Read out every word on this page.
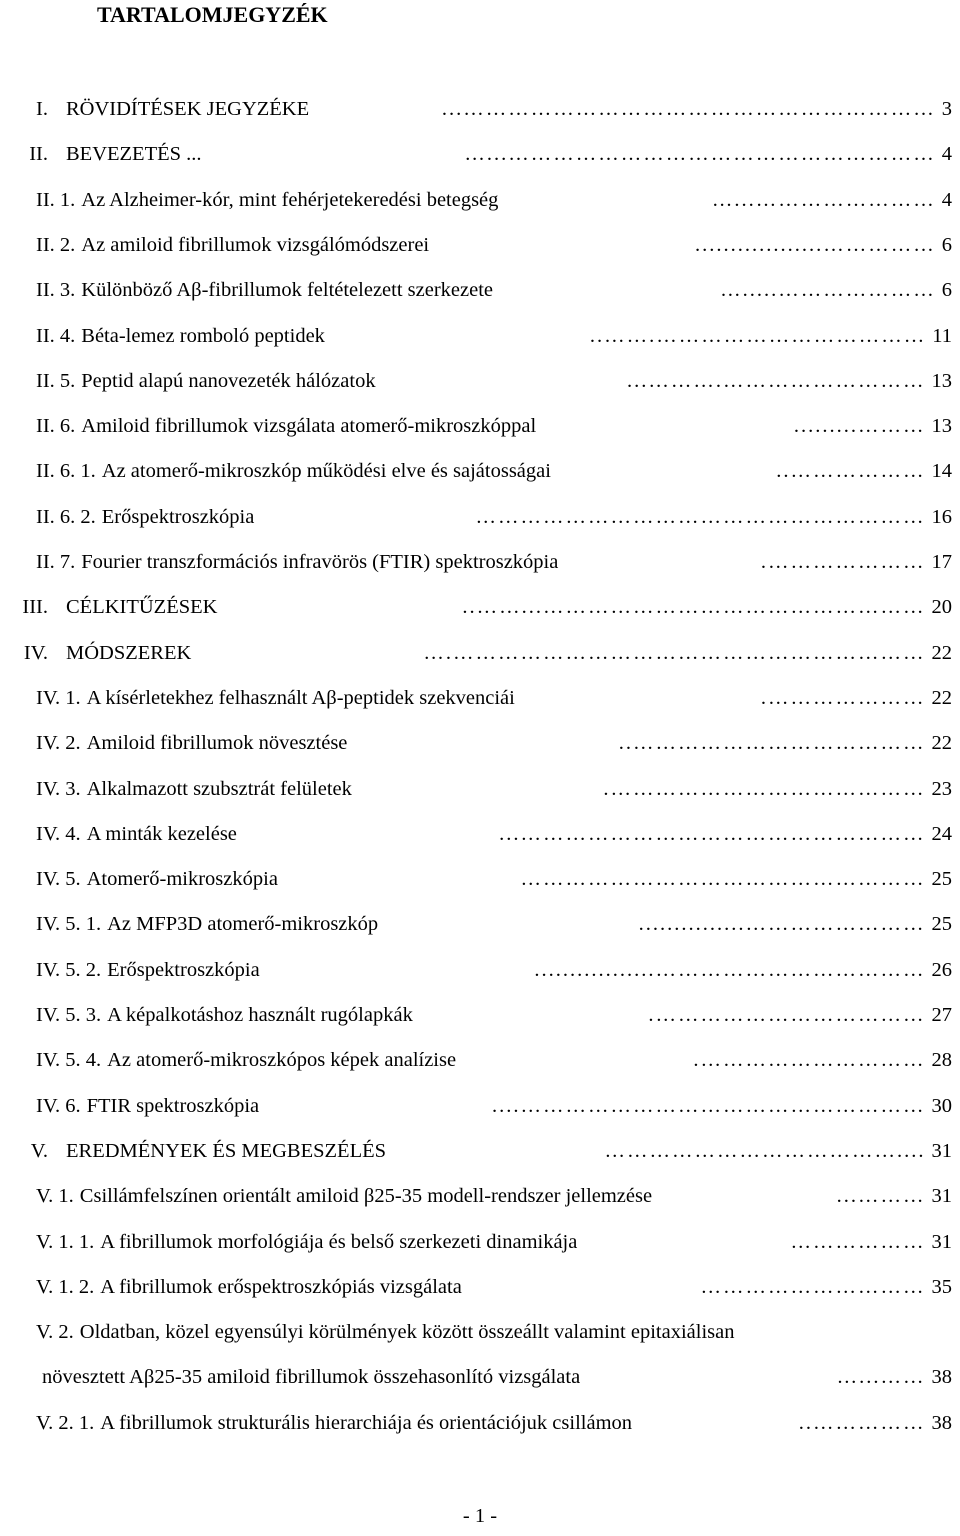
TARTALOMJEGYZÉK
I. RÖVIDÍTÉSEK JEGYZÉKE	………………………………………………………... 3
II. BEVEZETÉS ...	…………………………………………………...… 4
II. 1. Az Alzheimer-kór, mint fehérjetekeredési betegség	……………………...… 4
II. 2. Az amiloid fibrillumok vizsgálómódszerei	…………….................. 6
II. 3. Különböző Aβ-fibrillumok feltételezett szerkezete	………………….....… 6
II. 4. Béta-lemez romboló peptidek	……………………………….…….. 11
II. 5. Peptid alapú nanovezeték hálózatok	……………………….………... 13
II. 6. Amiloid fibrillumok vizsgálata atomerő-mikroszkóppal	………......... 13
II. 6. 1. Az atomerő-mikroszkóp működési elve és sajátosságai	……………….. 14
II. 6. 2. Erőspektroszkópia	…………………………………………………… 16
II. 7. Fourier transzformációs infravörös (FTIR) spektroszkópia	…………………. 17
III. CÉLKITŰZÉSEK	……………………………………………...…….. 20
IV. MÓDSZEREK	……………………………………………………….… 22
IV. 1. A kísérletekhez felhasznált Aβ-peptidek szekvenciái	…………………. 22
IV. 2. Amiloid fibrillumok növesztése	………………………………….. 22
IV. 3. Alkalmazott szubsztrát felületek	……………………………………. 23
IV. 4. A minták kezelése	………………………………………………... 24
IV. 5. Atomerő-mikroszkópia	……………………………………………… 25
IV. 5. 1. Az MFP3D atomerő-mikroszkóp	……………………............... 25
IV. 5. 2. Erőspektroszkópia	………………………………................. 26
IV. 5. 3. A képalkotáshoz használt rugólapkák	………………………………. 27
IV. 5. 4. Az atomerő-mikroszkópos képek analízise	…………………………. 28
IV. 6. FTIR spektroszkópia	……………………………………………….... 30
V. EREDMÉNYEK ÉS MEGBESZÉLÉS	....………………………………… 31
V. 1. Csillámfelszínen orientált amiloid β25-35 modell-rendszer jellemzése	………... 31
V. 1. 1. A fibrillumok morfológiája és belső szerkezeti dinamikája	……………… 31
V. 1. 2. A fibrillumok erőspektroszkópiás vizsgálata	………………………… 35
V. 2. Oldatban, közel egyensúlyi körülmények között összeállt valamint epitaxiálisan
növesztett Aβ25-35 amiloid fibrillumok összehasonlító vizsgálata	……...… 38
V. 2. 1. A fibrillumok strukturális hierarchiája és orientációjuk csillámon	…………….. 38
- 1 -
